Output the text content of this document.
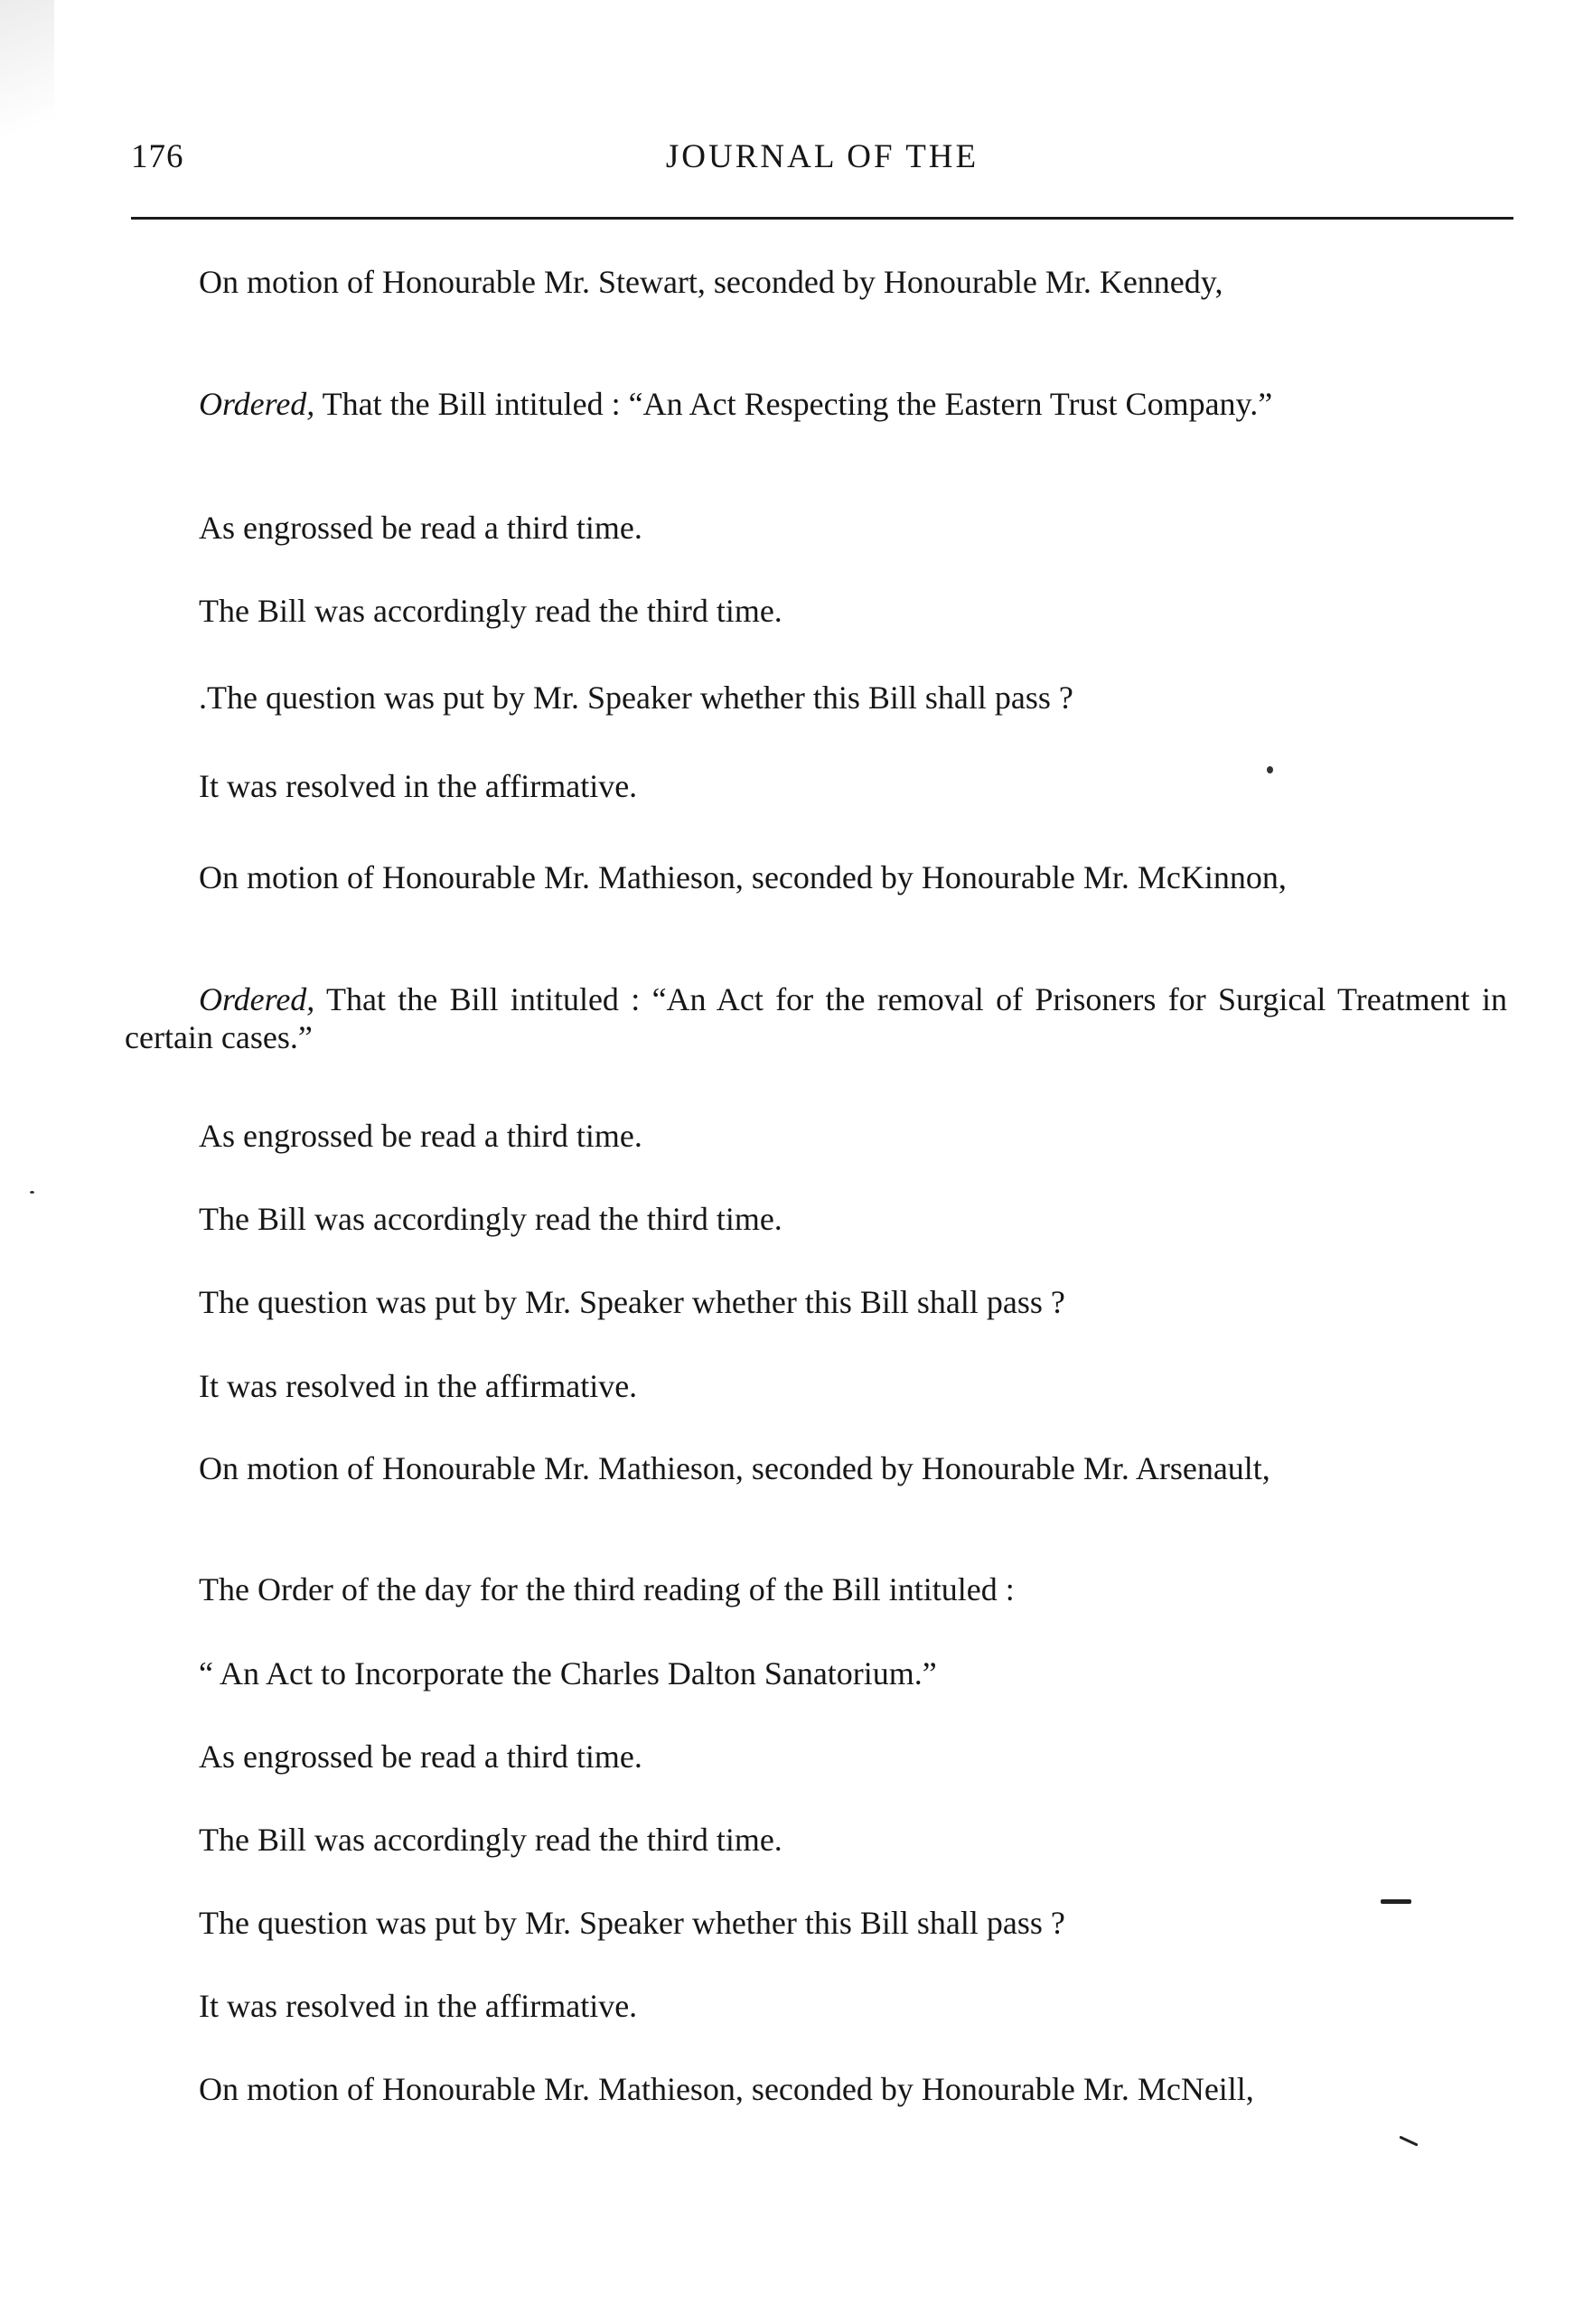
176	JOURNAL OF THE

On motion of Honourable Mr. Stewart, seconded by Honourable Mr. Kennedy,

Ordered, That the Bill intituled : “An Act Respecting the Eastern Trust Company.”

As engrossed be read a third time.

The Bill was accordingly read the third time.

.The question was put by Mr. Speaker whether this Bill shall pass ?

It was resolved in the affirmative.

On motion of Honourable Mr. Mathieson, seconded by Honourable Mr. McKinnon,

Ordered, That the Bill intituled : “An Act for the removal of Prisoners for Surgical Treatment in certain cases.”

As engrossed be read a third time.

The Bill was accordingly read the third time.

The question was put by Mr. Speaker whether this Bill shall pass ?

It was resolved in the affirmative.

On motion of Honourable Mr. Mathieson, seconded by Honourable Mr. Arsenault,

The Order of the day for the third reading of the Bill intituled :

“ An Act to Incorporate the Charles Dalton Sanatorium.”

As engrossed be read a third time.

The Bill was accordingly read the third time.

The question was put by Mr. Speaker whether this Bill shall pass ?

It was resolved in the affirmative.

On motion of Honourable Mr. Mathieson, seconded by Honourable Mr. McNeill,
